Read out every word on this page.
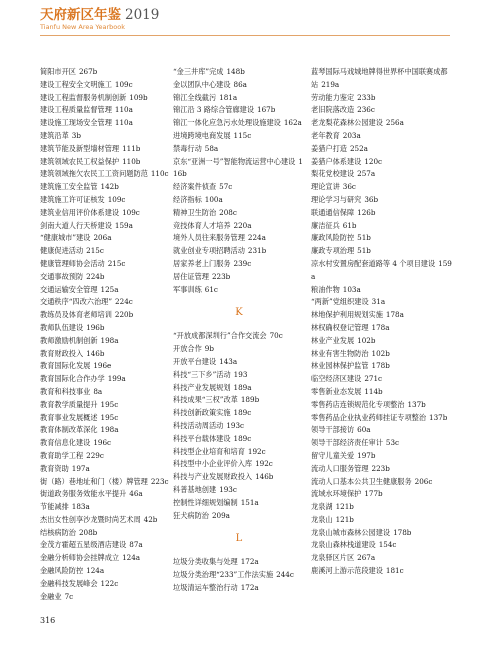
天府新区年鉴 2019
Tianfu New Area Yearbook
简阳市开区 267b
建设工程安全文明施工 109c
建设工程监督服务机制创新 109b
建设工程质量监督管理 110a
建设施工现场安全管理 110a
建筑沿革 3b
建筑节能及新型墙材管理 111b
建筑领域农民工权益保护 110b
建筑领域拖欠农民工工资问题防范 110c
建筑施工安全监管 142b
建筑施工许可证核发 109c
建筑业信用评价体系建设 109c
剑南大道人行天桥建设 159a
“健康城市”建设 206a
健康促进活动 215c
健康管理师协会活动 215c
交通事故预防 224b
交通运输安全管理 125a
交通秩序“四改六治理” 224c
教练员及体育老师培训 220b
教师队伍建设 196b
教师激励机制创新 198a
教育财政投入 146b
教育国际化发展 196e
教育国际化合作办学 199a
教育和科技事业 8a
教育教学质量提升 195c
教育事业发展概述 195c
教育体制改革深化 198a
教育信息化建设 196c
教育助学工程 229c
教育资助 197a
街（路）巷地址和门（楼）牌管理 223c
街道政务服务效能水平提升 46a
节能减排 183a
杰出女性创享沙龙暨时尚艺术周 42b
结核病防治 208b
金茂方霍超五星级酒店建设 87a
金融分析师协会挂牌成立 124a
金融风险防控 124a
金融科技发展峰会 122c
金融业 7c
“金三井库”完成 148b
金以团队中心建设 86a
锦江全线截污 181a
锦江沿 3 路综合管廊建设 167b
锦江一体化应急污水处理设施建设 162a
进境跨境电商发展 115c
禁毒行动 58a
京东“亚洲一号”智能物流运营中心建设 116b
经济案件侦查 57c
经济指标 100a
精神卫生防治 208c
竞技体育人才培养 220a
境外人员往来服务管理 224a
就业创业专项招聘活动 231b
居家养老上门服务 239c
居住证管理 223b
军事训练 61c
K
“开放成都深圳行”合作交流会 70c
开放合作 9b
开放平台建设 143a
科技“三下乡”活动 193
科技产业发展规划 189a
科技成果“三权”改革 189b
科技创新政策实施 189c
科技活动周活动 193c
科技平台载体建设 189c
科技型企业培育和培育 192c
科技型中小企业评价入库 192c
科技与产业发展财政投入 146b
科普基地创建 193c
控制性详细规划编制 151a
狂犬病防治 209a
L
垃圾分类收集与处理 172a
垃圾分类治理“233”工作法实施 244c
垃圾清运车整治行动 172a
蓝琴国际马戏城地牌得世界杯中国联赛成都站 219a
劳动能力鉴定 233b
老旧院落改造 236c
老龙梨花森林公园建设 256a
老年教育 203a
姜猎户打造 252a
姜猎户体系建设 120c
梨花党校建设 257a
理论宣讲 36c
理论学习与研究 36b
联通通信保障 126b
廉洁征兵 61b
廉政风险防控 51b
廉政专项治理 51b
凉水村安置房配套道路等 4 个项目建设 159a
粮油作物 103a
“两新”党组织建设 31a
林地保护利用规划实施 178a
林权确权登记管理 178a
林业产业发展 102b
林业有害生物防治 102b
林业园林保护监管 178b
临空经济区建设 271c
零售新业态发展 114b
零售药店连锁规范化专项整治 137b
零售药品企业执业药师挂证专项整治 137b
领导干部接访 60a
领导干部经济责任审计 53c
留守儿童关爱 197b
流动人口服务管理 223b
流动人口基本公共卫生健康服务 206c
流域水环境保护 177b
龙泉湖 121b
龙泉山 121b
龙泉山城市森林公园建设 178b
龙泉山森林栈道建设 154c
龙泉驿区片区 267a
鹿溪河上游示范段建设 181c
316
